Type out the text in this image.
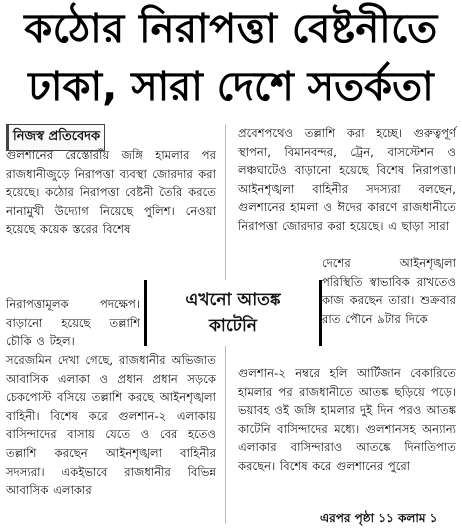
কঠোর নিরাপত্তা বেষ্টনীতে
ঢাকা, সারা দেশে সতর্কতা
নিজস্ব প্রতিবেদক

গুলশানের রেস্তোরাঁয় জঙ্গি হামলার পর রাজধানীজুড়ে নিরাপত্তা ব্যবস্থা জোরদার করা হয়েছে। কঠোর নিরাপত্তা বেষ্টনী তৈরি করতে নানামুখী উদ্যোগ নিয়েছে পুলিশ। নেওয়া হয়েছে কয়েক স্তরের বিশেষ

নিরাপত্তামূলক পদক্ষেপ। বাড়ানো হয়েছে তল্লাশি চৌকি ও টহল।

সরেজমিন দেখা গেছে, রাজধানীর অভিজাত আবাসিক এলাকা ও প্রধান প্রধান সড়কে চেকপোস্ট বসিয়ে তল্লাশি করছে আইনশৃঙ্খলা বাহিনী। বিশেষ করে গুলশান-২ এলাকায় বাসিন্দাদের বাসায় যেতে ও বের হতেও তল্লাশি করছেন আইনশৃঙ্খলা বাহিনীর সদস্যরা। একইভাবে রাজধানীর বিভিন্ন আবাসিক এলাকার

এখনো আতঙ্ক
কাটেনি

প্রবেশপথেও তল্লাশি করা হচ্ছে। গুরুত্বপূর্ণ স্থাপনা, বিমানবন্দর, ট্রেন, বাসস্টেশন ও লঞ্চঘাটেও বাড়ানো হয়েছে বিশেষ নিরাপত্তা। আইনশৃঙ্খলা বাহিনীর সদস্যরা বলছেন, গুলশানের হামলা ও ঈদের কারণে রাজধানীতে নিরাপত্তা জোরদার করা হয়েছে। এ ছাড়া সারা

দেশের আইনশৃঙ্খলা পরিস্থিতি স্বাভাবিক রাখতেও কাজ করছেন তারা। শুক্রবার রাত পৌনে ৯টার দিকে

গুলশান-২ নম্বরে হলি আর্টিজান বেকারিতে হামলার পর রাজধানীতে আতঙ্ক ছড়িয়ে পড়ে। ভয়াবহ ওই জঙ্গি হামলার দুই দিন পরও আতঙ্ক কাটেনি বাসিন্দাদের মধ্যে। গুলশানসহ অন্যান্য এলাকার বাসিন্দারাও আতঙ্কে দিনাতিপাত করছেন। বিশেষ করে গুলশানের পুরো

এরপর পৃষ্ঠা ১১ কলাম ১
